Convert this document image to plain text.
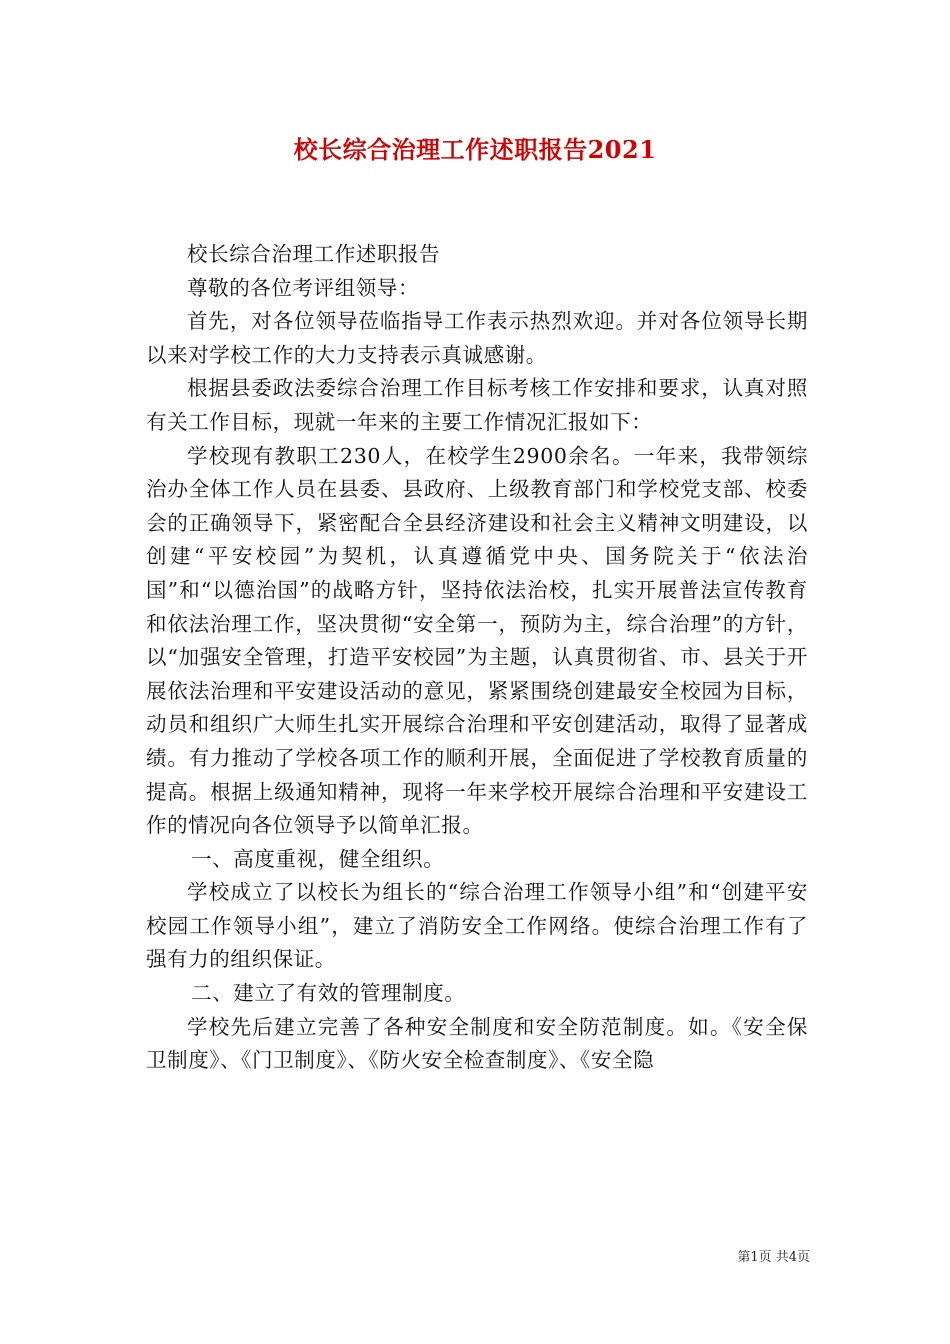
校长综合治理工作述职报告2021

校长综合治理工作述职报告

尊敬的各位考评组领导：

首先，对各位领导莅临指导工作表示热烈欢迎。并对各位领导长期以来对学校工作的大力支持表示真诚感谢。

根据县委政法委综合治理工作目标考核工作安排和要求，认真对照有关工作目标，现就一年来的主要工作情况汇报如下：

学校现有教职工230人，在校学生2900余名。一年来，我带领综治办全体工作人员在县委、县政府、上级教育部门和学校党支部、校委会的正确领导下，紧密配合全县经济建设和社会主义精神文明建设，以创建“平安校园”为契机，认真遵循党中央、国务院关于“依法治国”和“以德治国”的战略方针，坚持依法治校，扎实开展普法宣传教育和依法治理工作，坚决贯彻“安全第一，预防为主，综合治理”的方针，以“加强安全管理，打造平安校园”为主题，认真贯彻省、市、县关于开展依法治理和平安建设活动的意见，紧紧围绕创建最安全校园为目标，动员和组织广大师生扎实开展综合治理和平安创建活动，取得了显著成绩。有力推动了学校各项工作的顺利开展，全面促进了学校教育质量的提高。根据上级通知精神，现将一年来学校开展综合治理和平安建设工作的情况向各位领导予以简单汇报。

一、高度重视，健全组织。

学校成立了以校长为组长的“综合治理工作领导小组”和“创建平安校园工作领导小组”，建立了消防安全工作网络。使综合治理工作有了强有力的组织保证。

二、建立了有效的管理制度。

学校先后建立完善了各种安全制度和安全防范制度。如。《安全保卫制度》、《门卫制度》、《防火安全检查制度》、《安全隐

第1页 共4页
